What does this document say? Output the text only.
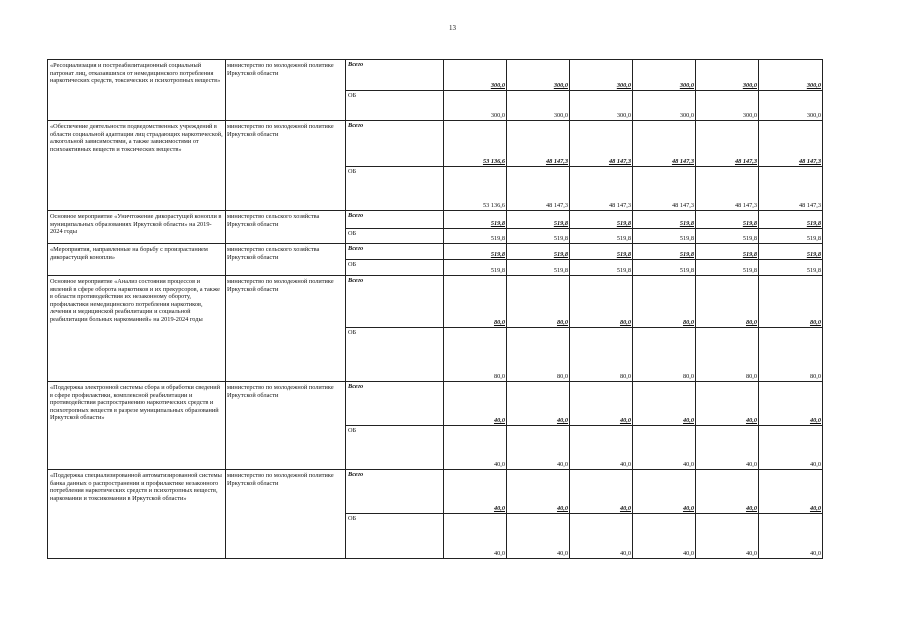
13
«Ресоциализация и постреабилитационный социальный патронат лиц, отказавшихся от немедицинского потребления наркотических средств, токсических и психотропных веществ»	министерство по молодежной политике Иркутской области	Всего	300,0	300,0	300,0	300,0	300,0	300,0
		ОБ	300,0	300,0	300,0	300,0	300,0	300,0
«Обеспечение деятельности подведомственных учреждений в области социальной адаптации лиц страдающих наркотической, алкогольной зависимостями, а также зависимостями от психоактивных веществ и токсических веществ»	министерство по молодежной политике Иркутской области	Всего	53 136,6	48 147,3	48 147,3	48 147,3	48 147,3	48 147,3
		ОБ	53 136,6	48 147,3	48 147,3	48 147,3	48 147,3	48 147,3
Основное мероприятие «Уничтожение дикорастущей конопли в муниципальных образованиях Иркутской области» на 2019-2024 годы	министерство сельского хозяйства Иркутской области	Всего	519,8	519,8	519,8	519,8	519,8	519,8
		ОБ	519,8	519,8	519,8	519,8	519,8	519,8
«Мероприятия, направленные на борьбу с произрастанием дикорастущей конопли»	министерство сельского хозяйства Иркутской области	Всего	519,8	519,8	519,8	519,8	519,8	519,8
		ОБ	519,8	519,8	519,8	519,8	519,8	519,8
Основное мероприятие «Анализ состояния процессов и явлений в сфере оборота наркотиков и их прекурсоров, а также в области противодействия их незаконному обороту, профилактики немедицинского потребления наркотиков, лечения и медицинской реабилитации и социальной реабилитации больных наркоманией» на 2019-2024 годы	министерство по молодежной политике Иркутской области	Всего	80,0	80,0	80,0	80,0	80,0	80,0
		ОБ	80,0	80,0	80,0	80,0	80,0	80,0
«Поддержка электронной системы сбора и обработки сведений в сфере профилактики, комплексной реабилитации и противодействия распространению наркотических средств и психотропных веществ в разрезе муниципальных образований Иркутской области»	министерство по молодежной политике Иркутской области	Всего	40,0	40,0	40,0	40,0	40,0	40,0
		ОБ	40,0	40,0	40,0	40,0	40,0	40,0
«Поддержка специализированной автоматизированной системы банка данных о распространении и профилактике незаконного потребления наркотических средств и психотропных веществ, наркомании и токсикомании в Иркутской области»	министерство по молодежной политике Иркутской области	Всего	40,0	40,0	40,0	40,0	40,0	40,0
		ОБ	40,0	40,0	40,0	40,0	40,0	40,0
